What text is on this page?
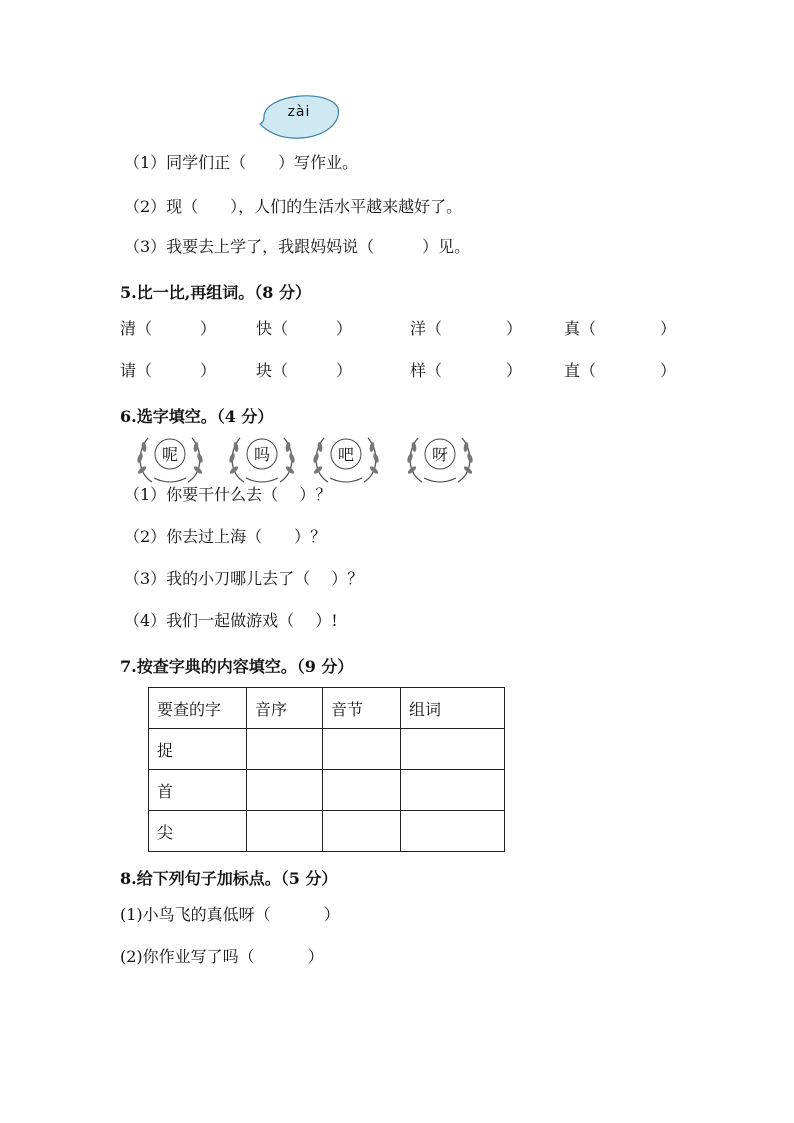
zài
（1）同学们正（　　）写作业。
（2）现（　　），人们的生活水平越来越好了。
（3）我要去上学了，我跟妈妈说（　　　）见。
5.比一比,再组词。（8 分）
清（　　　） 快（　　　）	洋（　　　　）	真（　　　　）
请（　　　） 块（　　　）	样（　　　　）	直（　　　　）
6.选字填空。（4 分）
呢	吗	吧	呀
（1）你要干什么去（　 ）？
（2）你去过上海（　　）？
（3）我的小刀哪儿去了（　 ）？
（4）我们一起做游戏（　 ）!
7.按查字典的内容填空。（9 分）
要查的字	音序	音节	组词
捉			
首			
尖			
8.给下列句子加标点。（5 分）
(1)小鸟飞的真低呀（　　　 ）
(2)你作业写了吗（　　　 ）
